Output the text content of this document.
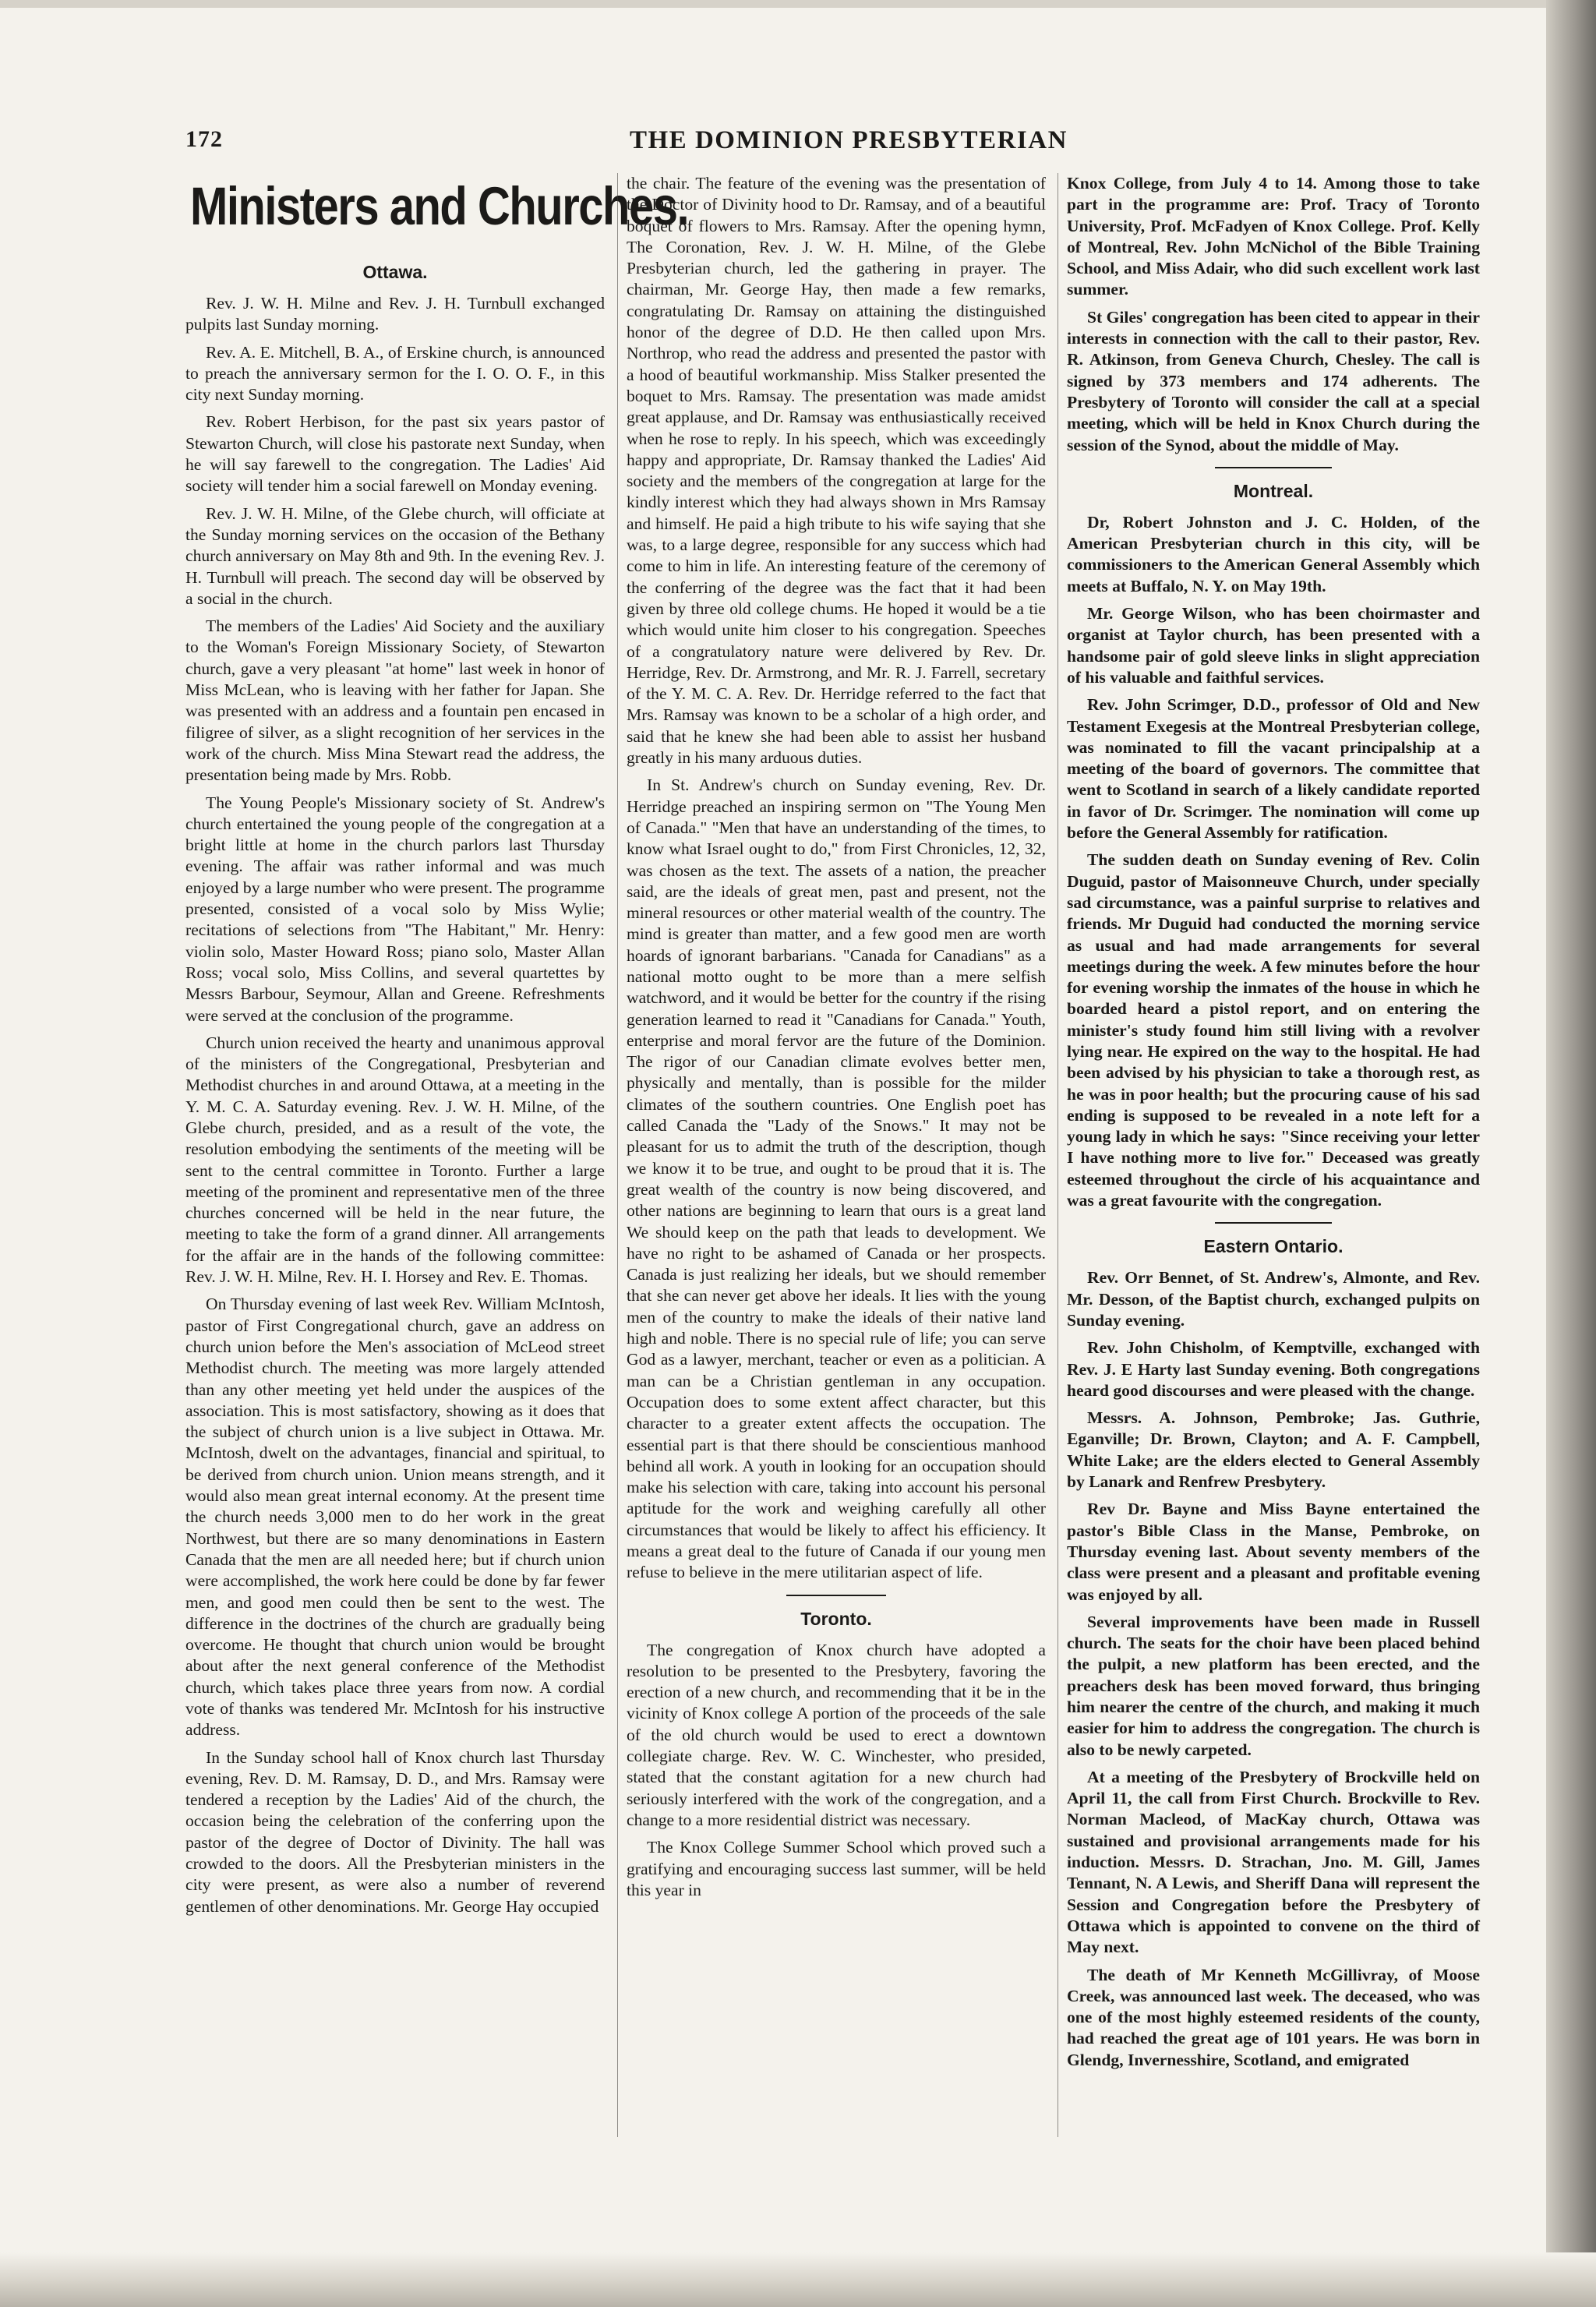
172	THE DOMINION PRESBYTERIAN
Ministers and Churches.
Ottawa.

Rev. J. W. H. Milne and Rev. J. H. Turnbull exchanged pulpits last Sunday morning.

Rev. A. E. Mitchell, B. A., of Erskine church, is announced to preach the anniversary sermon for the I. O. O. F., in this city next Sunday morning.

Rev. Robert Herbison, for the past six years pastor of Stewarton Church, will close his pastorate next Sunday, when he will say farewell to the congregation. The Ladies' Aid society will tender him a social farewell on Monday evening.

Rev. J. W. H. Milne, of the Glebe church, will officiate at the Sunday morning services on the occasion of the Bethany church anniversary on May 8th and 9th. In the evening Rev. J. H. Turnbull will preach. The second day will be observed by a social in the church.

The members of the Ladies' Aid Society and the auxiliary to the Woman's Foreign Missionary Society, of Stewarton church, gave a very pleasant "at home" last week in honor of Miss McLean, who is leaving with her father for Japan. She was presented with an address and a fountain pen encased in filigree of silver, as a slight recognition of her services in the work of the church. Miss Mina Stewart read the address, the presentation being made by Mrs. Robb.

The Young People's Missionary society of St. Andrew's church entertained the young people of the congregation at a bright little at home in the church parlors last Thursday evening. The affair was rather informal and was much enjoyed by a large number who were present. The programme presented, consisted of a vocal solo by Miss Wylie; recitations of selections from "The Habitant," Mr. Henry: violin solo, Master Howard Ross; piano solo, Master Allan Ross; vocal solo, Miss Collins, and several quartettes by Messrs Barbour, Seymour, Allan and Greene. Refreshments were served at the conclusion of the programme.

Church union received the hearty and unanimous approval of the ministers of the Congregational, Presbyterian and Methodist churches in and around Ottawa, at a meeting in the Y. M. C. A. Saturday evening. Rev. J. W. H. Milne, of the Glebe church, presided, and as a result of the vote, the resolution embodying the sentiments of the meeting will be sent to the central committee in Toronto. Further a large meeting of the prominent and representative men of the three churches concerned will be held in the near future, the meeting to take the form of a grand dinner. All arrangements for the affair are in the hands of the following committee: Rev. J. W. H. Milne, Rev. H. I. Horsey and Rev. E. Thomas.

On Thursday evening of last week Rev. William McIntosh, pastor of First Congregational church, gave an address on church union before the Men's association of McLeod street Methodist church. The meeting was more largely attended than any other meeting yet held under the auspices of the association. This is most satisfactory, showing as it does that the subject of church union is a live subject in Ottawa. Mr. McIntosh, dwelt on the advantages, financial and spiritual, to be derived from church union. Union means strength, and it would also mean great internal economy. At the present time the church needs 3,000 men to do her work in the great Northwest, but there are so many denominations in Eastern Canada that the men are all needed here; but if church union were accomplished, the work here could be done by far fewer men, and good men could then be sent to the west. The difference in the doctrines of the church are gradually being overcome. He thought that church union would be brought about after the next general conference of the Methodist church, which takes place three years from now. A cordial vote of thanks was tendered Mr. McIntosh for his instructive address.

In the Sunday school hall of Knox church last Thursday evening, Rev. D. M. Ramsay, D. D., and Mrs. Ramsay were tendered a reception by the Ladies' Aid of the church, the occasion being the celebration of the conferring upon the pastor of the degree of Doctor of Divinity. The hall was crowded to the doors. All the Presbyterian ministers in the city were present, as were also a number of reverend gentlemen of other denominations. Mr. George Hay occupied

the chair. The feature of the evening was the presentation of the Doctor of Divinity hood to Dr. Ramsay, and of a beautiful boquet of flowers to Mrs. Ramsay. After the opening hymn, The Coronation, Rev. J. W. H. Milne, of the Glebe Presbyterian church, led the gathering in prayer. The chairman, Mr. George Hay, then made a few remarks, congratulating Dr. Ramsay on attaining the distinguished honor of the degree of D.D. He then called upon Mrs. Northrop, who read the address and presented the pastor with a hood of beautiful workmanship. Miss Stalker presented the boquet to Mrs. Ramsay. The presentation was made amidst great applause, and Dr. Ramsay was enthusiastically received when he rose to reply. In his speech, which was exceedingly happy and appropriate, Dr. Ramsay thanked the Ladies' Aid society and the members of the congregation at large for the kindly interest which they had always shown in Mrs Ramsay and himself. He paid a high tribute to his wife saying that she was, to a large degree, responsible for any success which had come to him in life. An interesting feature of the ceremony of the conferring of the degree was the fact that it had been given by three old college chums. He hoped it would be a tie which would unite him closer to his congregation. Speeches of a congratulatory nature were delivered by Rev. Dr. Herridge, Rev. Dr. Armstrong, and Mr. R. J. Farrell, secretary of the Y. M. C. A. Rev. Dr. Herridge referred to the fact that Mrs. Ramsay was known to be a scholar of a high order, and said that he knew she had been able to assist her husband greatly in his many arduous duties.

In St. Andrew's church on Sunday evening, Rev. Dr. Herridge preached an inspiring sermon on "The Young Men of Canada." "Men that have an understanding of the times, to know what Israel ought to do," from First Chronicles, 12, 32, was chosen as the text. The assets of a nation, the preacher said, are the ideals of great men, past and present, not the mineral resources or other material wealth of the country. The mind is greater than matter, and a few good men are worth hoards of ignorant barbarians. "Canada for Canadians" as a national motto ought to be more than a mere selfish watchword, and it would be better for the country if the rising generation learned to read it "Canadians for Canada." Youth, enterprise and moral fervor are the future of the Dominion. The rigor of our Canadian climate evolves better men, physically and mentally, than is possible for the milder climates of the southern countries. One English poet has called Canada the "Lady of the Snows." It may not be pleasant for us to admit the truth of the description, though we know it to be true, and ought to be proud that it is. The great wealth of the country is now being discovered, and other nations are beginning to learn that ours is a great land We should keep on the path that leads to development. We have no right to be ashamed of Canada or her prospects. Canada is just realizing her ideals, but we should remember that she can never get above her ideals. It lies with the young men of the country to make the ideals of their native land high and noble. There is no special rule of life; you can serve God as a lawyer, merchant, teacher or even as a politician. A man can be a Christian gentleman in any occupation. Occupation does to some extent affect character, but this character to a greater extent affects the occupation. The essential part is that there should be conscientious manhood behind all work. A youth in looking for an occupation should make his selection with care, taking into account his personal aptitude for the work and weighing carefully all other circumstances that would be likely to affect his efficiency. It means a great deal to the future of Canada if our young men refuse to believe in the mere utilitarian aspect of life.

Toronto.

The congregation of Knox church have adopted a resolution to be presented to the Presbytery, favoring the erection of a new church, and recommending that it be in the vicinity of Knox college A portion of the proceeds of the sale of the old church would be used to erect a downtown collegiate charge. Rev. W. C. Winchester, who presided, stated that the constant agitation for a new church had seriously interfered with the work of the congregation, and a change to a more residential district was necessary.

The Knox College Summer School which proved such a gratifying and encouraging success last summer, will be held this year in

Knox College, from July 4 to 14. Among those to take part in the programme are: Prof. Tracy of Toronto University, Prof. McFadyen of Knox College. Prof. Kelly of Montreal, Rev. John McNichol of the Bible Training School, and Miss Adair, who did such excellent work last summer.

St Giles' congregation has been cited to appear in their interests in connection with the call to their pastor, Rev. R. Atkinson, from Geneva Church, Chesley. The call is signed by 373 members and 174 adherents. The Presbytery of Toronto will consider the call at a special meeting, which will be held in Knox Church during the session of the Synod, about the middle of May.

Montreal.

Dr, Robert Johnston and J. C. Holden, of the American Presbyterian church in this city, will be commissioners to the American General Assembly which meets at Buffalo, N. Y. on May 19th.

Mr. George Wilson, who has been choirmaster and organist at Taylor church, has been presented with a handsome pair of gold sleeve links in slight appreciation of his valuable and faithful services.

Rev. John Scrimger, D.D., professor of Old and New Testament Exegesis at the Montreal Presbyterian college, was nominated to fill the vacant principalship at a meeting of the board of governors. The committee that went to Scotland in search of a likely candidate reported in favor of Dr. Scrimger. The nomination will come up before the General Assembly for ratification.

The sudden death on Sunday evening of Rev. Colin Duguid, pastor of Maisonneuve Church, under specially sad circumstance, was a painful surprise to relatives and friends. Mr Duguid had conducted the morning service as usual and had made arrangements for several meetings during the week. A few minutes before the hour for evening worship the inmates of the house in which he boarded heard a pistol report, and on entering the minister's study found him still living with a revolver lying near. He expired on the way to the hospital. He had been advised by his physician to take a thorough rest, as he was in poor health; but the procuring cause of his sad ending is supposed to be revealed in a note left for a young lady in which he says: "Since receiving your letter I have nothing more to live for." Deceased was greatly esteemed throughout the circle of his acquaintance and was a great favourite with the congregation.

Eastern Ontario.

Rev. Orr Bennet, of St. Andrew's, Almonte, and Rev. Mr. Desson, of the Baptist church, exchanged pulpits on Sunday evening.

Rev. John Chisholm, of Kemptville, exchanged with Rev. J. E Harty last Sunday evening. Both congregations heard good discourses and were pleased with the change.

Messrs. A. Johnson, Pembroke; Jas. Guthrie, Eganville; Dr. Brown, Clayton; and A. F. Campbell, White Lake; are the elders elected to General Assembly by Lanark and Renfrew Presbytery.

Rev Dr. Bayne and Miss Bayne entertained the pastor's Bible Class in the Manse, Pembroke, on Thursday evening last. About seventy members of the class were present and a pleasant and profitable evening was enjoyed by all.

Several improvements have been made in Russell church. The seats for the choir have been placed behind the pulpit, a new platform has been erected, and the preachers desk has been moved forward, thus bringing him nearer the centre of the church, and making it much easier for him to address the congregation. The church is also to be newly carpeted.

At a meeting of the Presbytery of Brockville held on April 11, the call from First Church. Brockville to Rev. Norman Macleod, of MacKay church, Ottawa was sustained and provisional arrangements made for his induction. Messrs. D. Strachan, Jno. M. Gill, James Tennant, N. A Lewis, and Sheriff Dana will represent the Session and Congregation before the Presbytery of Ottawa which is appointed to convene on the third of May next.

The death of Mr Kenneth McGillivray, of Moose Creek, was announced last week. The deceased, who was one of the most highly esteemed residents of the county, had reached the great age of 101 years. He was born in Glendg, Invernesshire, Scotland, and emigrated
